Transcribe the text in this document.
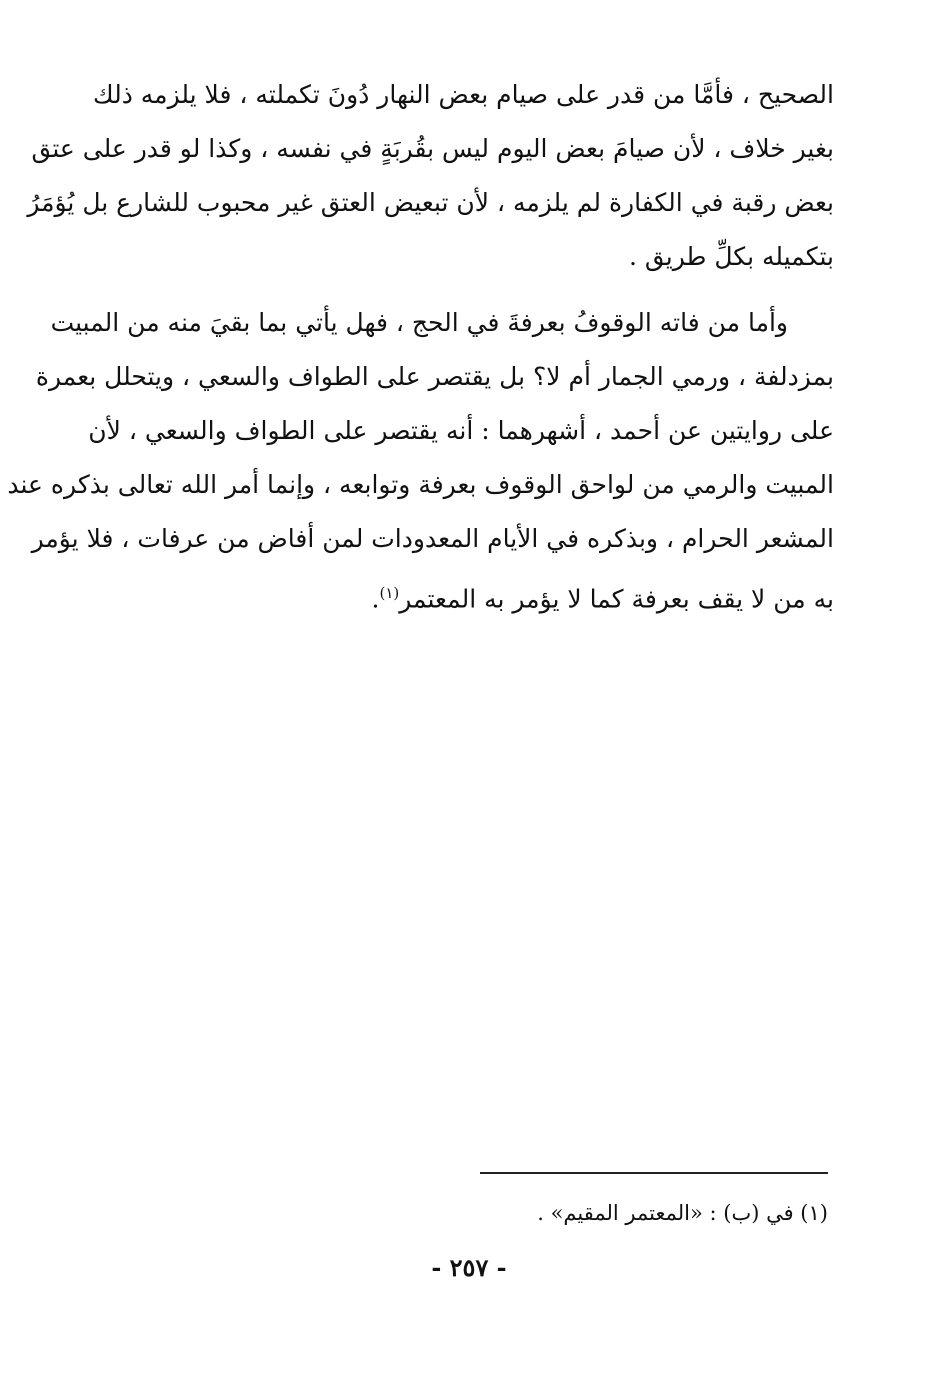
الصحيح ، فأمَّا من قدر على صيام بعض النهار دُونَ تكملته ، فلا يلزمه ذلك
بغير خلاف ، لأن صيامَ بعض اليوم ليس بقُربَةٍ في نفسه ، وكذا لو قدر على عتق
بعض رقبة في الكفارة لم يلزمه ، لأن تبعيض العتق غير محبوب للشارع بل يُؤمَرُ
بتكميله بكلِّ طريق .
وأما من فاته الوقوفُ بعرفةَ في الحج ، فهل يأتي بما بقيَ منه من المبيت
بمزدلفة ، ورمي الجمار أم لا؟ بل يقتصر على الطواف والسعي ، ويتحلل بعمرة
على روايتين عن أحمد ، أشهرهما : أنه يقتصر على الطواف والسعي ، لأن
المبيت والرمي من لواحق الوقوف بعرفة وتوابعه ، وإنما أمر الله تعالى بذكره عند
المشعر الحرام ، وبذكره في الأيام المعدودات لمن أفاض من عرفات ، فلا يؤمر
به من لا يقف بعرفة كما لا يؤمر به المعتمر$^{(١)}$.
(١) في (ب) : «المعتمر المقيم» .
- ٢٥٧ -
